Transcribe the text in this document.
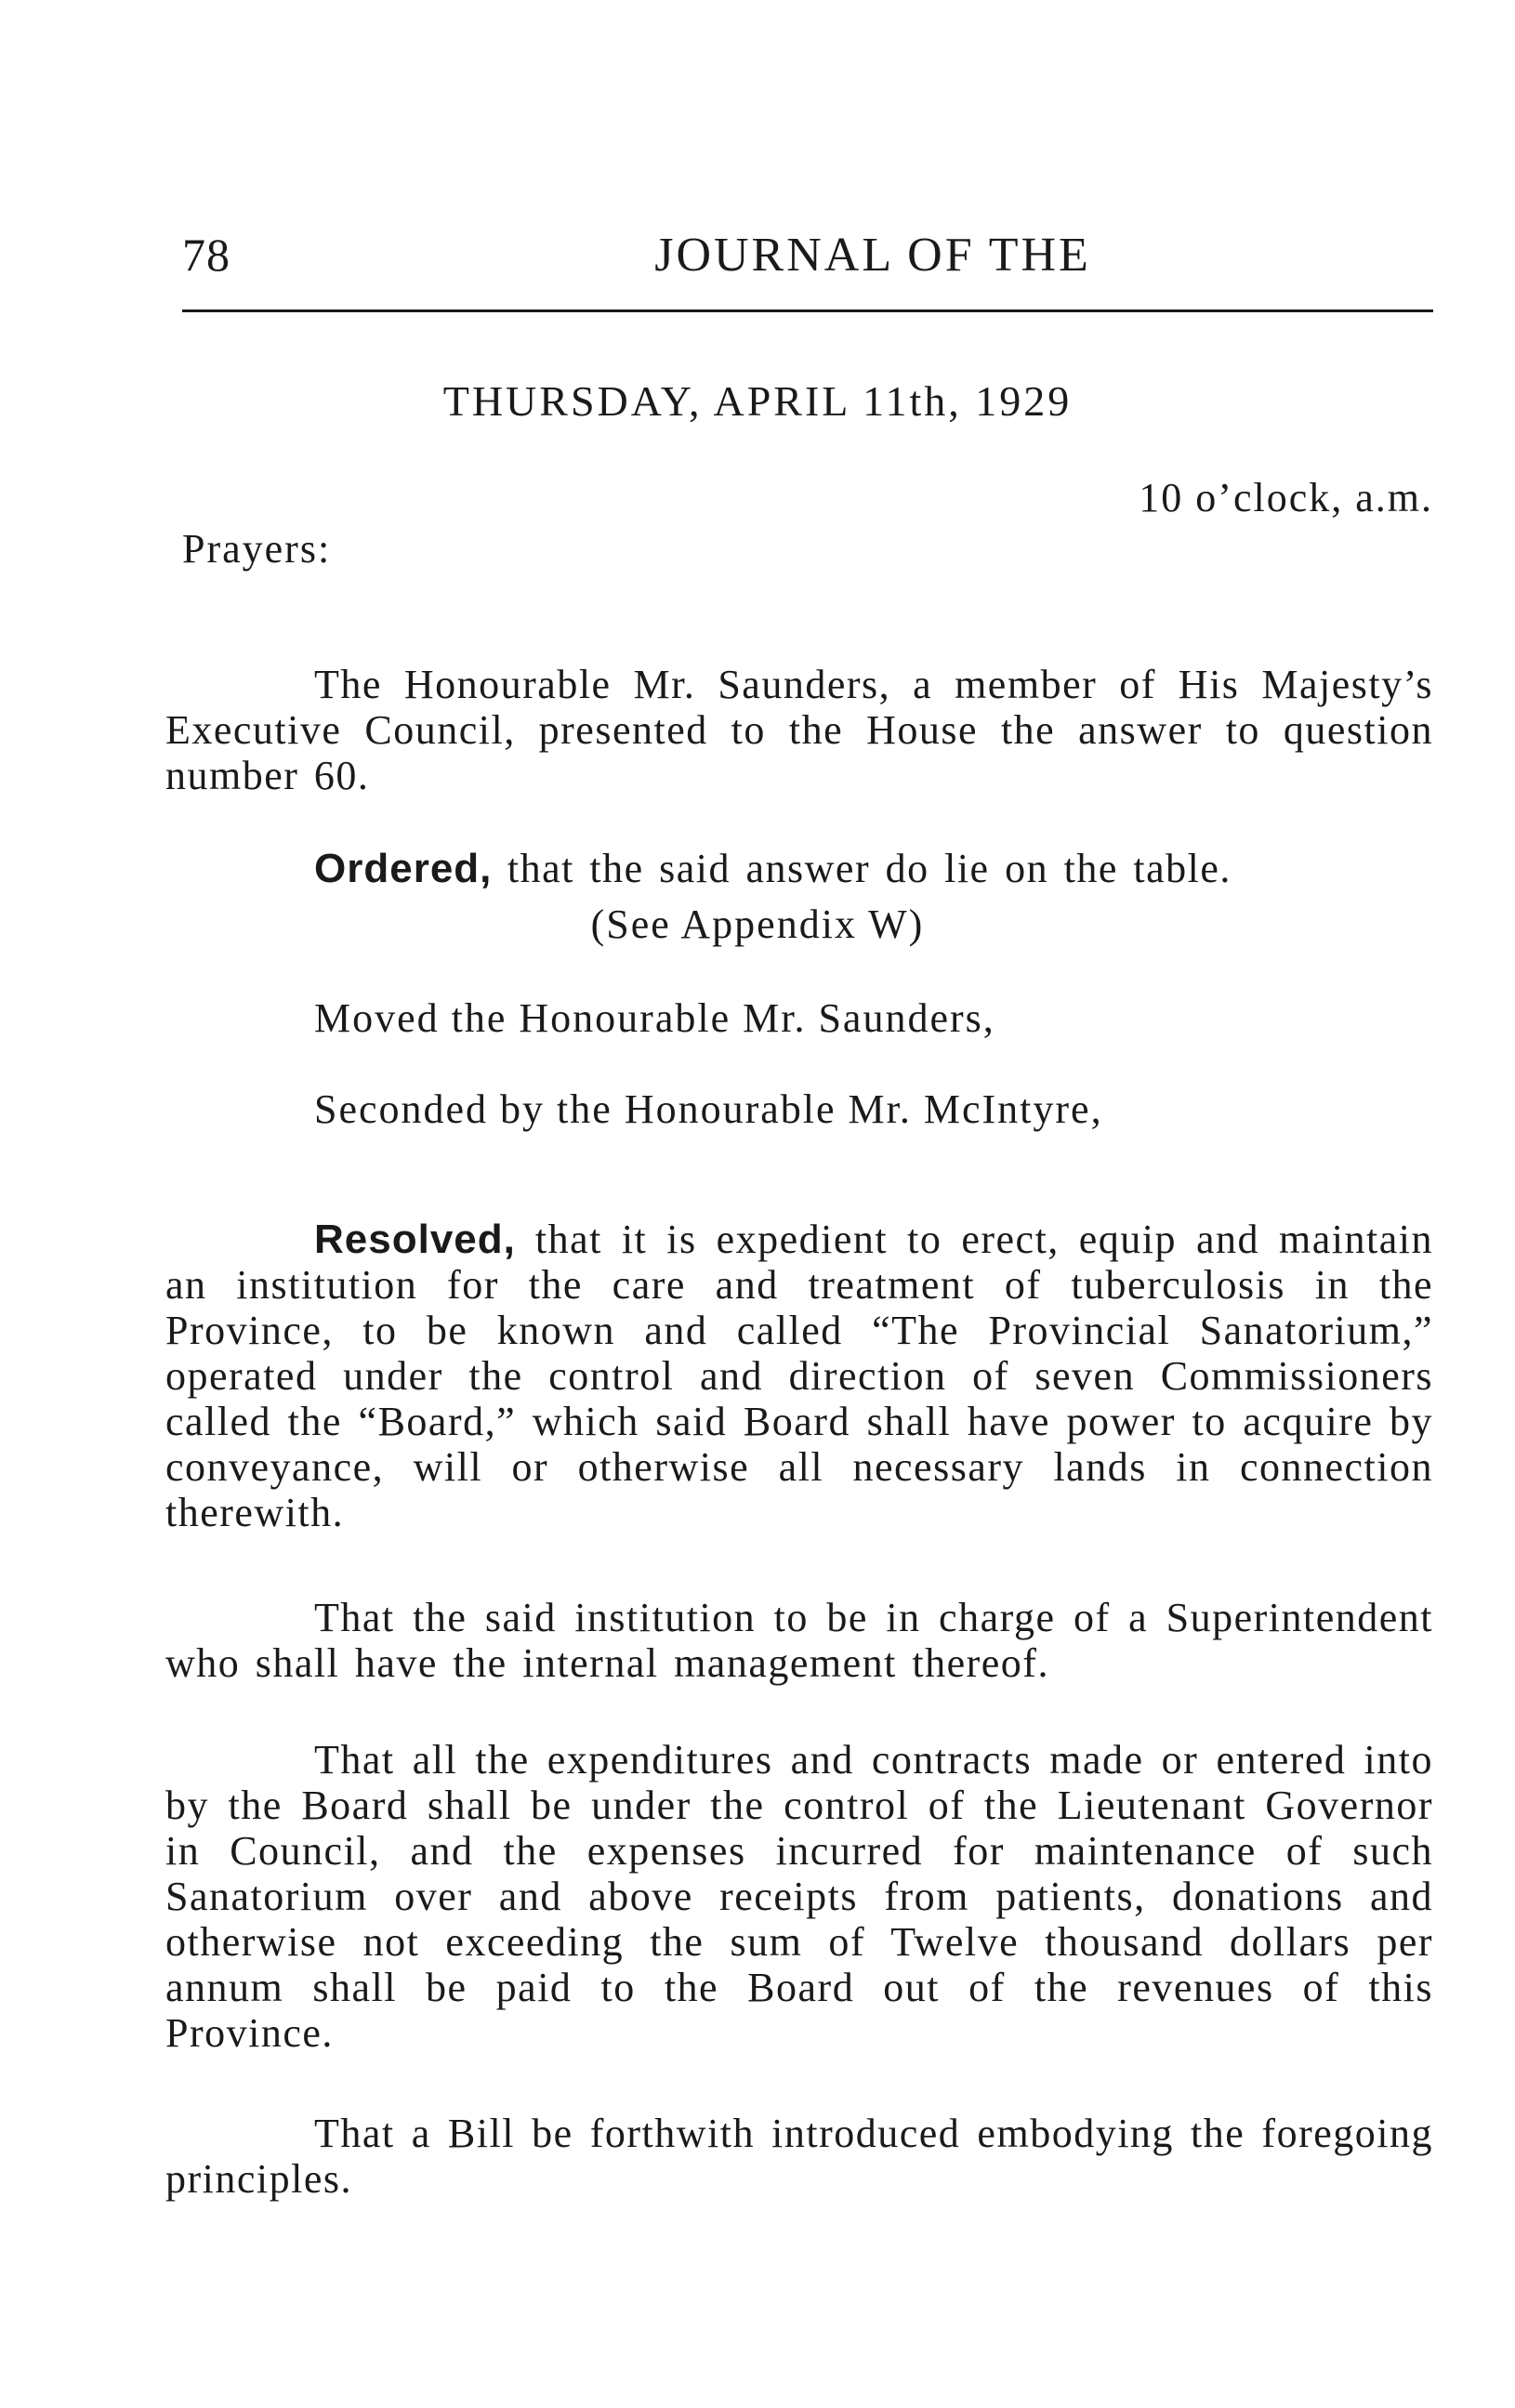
78	JOURNAL OF THE
THURSDAY, APRIL 11th, 1929
10 o’clock, a.m.
Prayers:

The Honourable Mr. Saunders, a member of His Majesty’s Executive Council, presented to the House the answer to question number 60.

Ordered, that the said answer do lie on the table.

(See Appendix W)
Moved the Honourable Mr. Saunders,
Seconded by the Honourable Mr. McIntyre,

Resolved, that it is expedient to erect, equip and maintain an institution for the care and treatment of tuberculosis in the Province, to be known and called “The Provincial Sanatorium,” operated under the control and direction of seven Commissioners called the “Board,” which said Board shall have power to acquire by conveyance, will or otherwise all necessary lands in connection therewith.

That the said institution to be in charge of a Superintendent who shall have the internal management thereof.

That all the expenditures and contracts made or entered into by the Board shall be under the control of the Lieutenant Governor in Council, and the expenses incurred for maintenance of such Sanatorium over and above receipts from patients, donations and otherwise not exceeding the sum of Twelve thousand dollars per annum shall be paid to the Board out of the revenues of this Province.

That a Bill be forthwith introduced embodying the foregoing principles.
